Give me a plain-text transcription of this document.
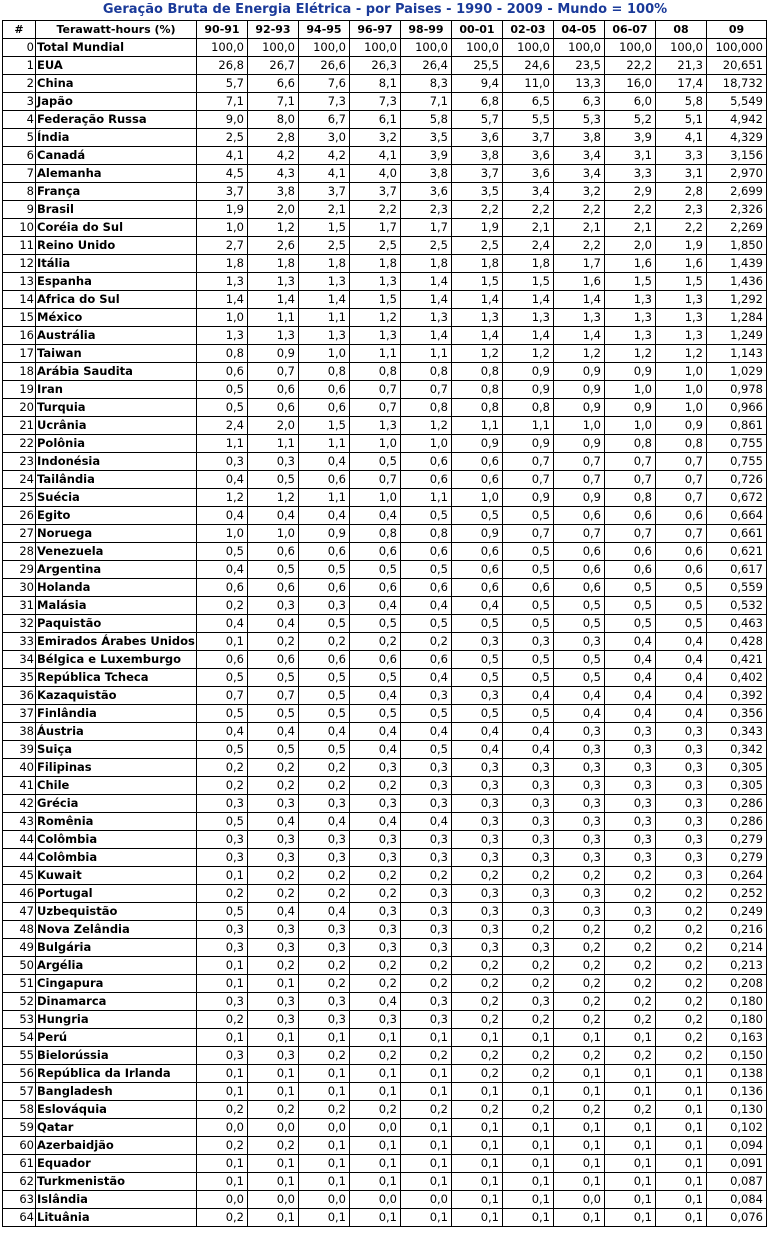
Geração Bruta de Energia Elétrica - por Paises - 1990 - 2009 - Mundo = 100%
#	Terawatt-hours (%)	90-91	92-93	94-95	96-97	98-99	00-01	02-03	04-05	06-07	08	09
0	Total Mundial	100,0	100,0	100,0	100,0	100,0	100,0	100,0	100,0	100,0	100,0	100,000
1	EUA	26,8	26,7	26,6	26,3	26,4	25,5	24,6	23,5	22,2	21,3	20,651
2	China	5,7	6,6	7,6	8,1	8,3	9,4	11,0	13,3	16,0	17,4	18,732
3	Japão	7,1	7,1	7,3	7,3	7,1	6,8	6,5	6,3	6,0	5,8	5,549
4	Federação Russa	9,0	8,0	6,7	6,1	5,8	5,7	5,5	5,3	5,2	5,1	4,942
5	Índia	2,5	2,8	3,0	3,2	3,5	3,6	3,7	3,8	3,9	4,1	4,329
6	Canadá	4,1	4,2	4,2	4,1	3,9	3,8	3,6	3,4	3,1	3,3	3,156
7	Alemanha	4,5	4,3	4,1	4,0	3,8	3,7	3,6	3,4	3,3	3,1	2,970
8	França	3,7	3,8	3,7	3,7	3,6	3,5	3,4	3,2	2,9	2,8	2,699
9	Brasil	1,9	2,0	2,1	2,2	2,3	2,2	2,2	2,2	2,2	2,3	2,326
10	Coréia do Sul	1,0	1,2	1,5	1,7	1,7	1,9	2,1	2,1	2,1	2,2	2,269
11	Reino Unido	2,7	2,6	2,5	2,5	2,5	2,5	2,4	2,2	2,0	1,9	1,850
12	Itália	1,8	1,8	1,8	1,8	1,8	1,8	1,8	1,7	1,6	1,6	1,439
13	Espanha	1,3	1,3	1,3	1,3	1,4	1,5	1,5	1,6	1,5	1,5	1,436
14	Africa do Sul	1,4	1,4	1,4	1,5	1,4	1,4	1,4	1,4	1,3	1,3	1,292
15	México	1,0	1,1	1,1	1,2	1,3	1,3	1,3	1,3	1,3	1,3	1,284
16	Austrália	1,3	1,3	1,3	1,3	1,4	1,4	1,4	1,4	1,3	1,3	1,249
17	Taiwan	0,8	0,9	1,0	1,1	1,1	1,2	1,2	1,2	1,2	1,2	1,143
18	Arábia Saudita	0,6	0,7	0,8	0,8	0,8	0,8	0,9	0,9	0,9	1,0	1,029
19	Iran	0,5	0,6	0,6	0,7	0,7	0,8	0,9	0,9	1,0	1,0	0,978
20	Turquia	0,5	0,6	0,6	0,7	0,8	0,8	0,8	0,9	0,9	1,0	0,966
21	Ucrânia	2,4	2,0	1,5	1,3	1,2	1,1	1,1	1,0	1,0	0,9	0,861
22	Polônia	1,1	1,1	1,1	1,0	1,0	0,9	0,9	0,9	0,8	0,8	0,755
23	Indonésia	0,3	0,3	0,4	0,5	0,6	0,6	0,7	0,7	0,7	0,7	0,755
24	Tailândia	0,4	0,5	0,6	0,7	0,6	0,6	0,7	0,7	0,7	0,7	0,726
25	Suécia	1,2	1,2	1,1	1,0	1,1	1,0	0,9	0,9	0,8	0,7	0,672
26	Egito	0,4	0,4	0,4	0,4	0,5	0,5	0,5	0,6	0,6	0,6	0,664
27	Noruega	1,0	1,0	0,9	0,8	0,8	0,9	0,7	0,7	0,7	0,7	0,661
28	Venezuela	0,5	0,6	0,6	0,6	0,6	0,6	0,5	0,6	0,6	0,6	0,621
29	Argentina	0,4	0,5	0,5	0,5	0,5	0,6	0,5	0,6	0,6	0,6	0,617
30	Holanda	0,6	0,6	0,6	0,6	0,6	0,6	0,6	0,6	0,5	0,5	0,559
31	Malásia	0,2	0,3	0,3	0,4	0,4	0,4	0,5	0,5	0,5	0,5	0,532
32	Paquistão	0,4	0,4	0,5	0,5	0,5	0,5	0,5	0,5	0,5	0,5	0,463
33	Emirados Árabes Unidos	0,1	0,2	0,2	0,2	0,2	0,3	0,3	0,3	0,4	0,4	0,428
34	Bélgica e Luxemburgo	0,6	0,6	0,6	0,6	0,6	0,5	0,5	0,5	0,4	0,4	0,421
35	República Tcheca	0,5	0,5	0,5	0,5	0,4	0,5	0,5	0,5	0,4	0,4	0,402
36	Kazaquistão	0,7	0,7	0,5	0,4	0,3	0,3	0,4	0,4	0,4	0,4	0,392
37	Finlândia	0,5	0,5	0,5	0,5	0,5	0,5	0,5	0,4	0,4	0,4	0,356
38	Áustria	0,4	0,4	0,4	0,4	0,4	0,4	0,4	0,3	0,3	0,3	0,343
39	Suiça	0,5	0,5	0,5	0,4	0,5	0,4	0,4	0,3	0,3	0,3	0,342
40	Filipinas	0,2	0,2	0,2	0,3	0,3	0,3	0,3	0,3	0,3	0,3	0,305
41	Chile	0,2	0,2	0,2	0,2	0,3	0,3	0,3	0,3	0,3	0,3	0,305
42	Grécia	0,3	0,3	0,3	0,3	0,3	0,3	0,3	0,3	0,3	0,3	0,286
43	Romênia	0,5	0,4	0,4	0,4	0,4	0,3	0,3	0,3	0,3	0,3	0,286
44	Colômbia	0,3	0,3	0,3	0,3	0,3	0,3	0,3	0,3	0,3	0,3	0,279
44	Colômbia	0,3	0,3	0,3	0,3	0,3	0,3	0,3	0,3	0,3	0,3	0,279
45	Kuwait	0,1	0,2	0,2	0,2	0,2	0,2	0,2	0,2	0,2	0,3	0,264
46	Portugal	0,2	0,2	0,2	0,2	0,3	0,3	0,3	0,3	0,2	0,2	0,252
47	Uzbequistão	0,5	0,4	0,4	0,3	0,3	0,3	0,3	0,3	0,3	0,2	0,249
48	Nova Zelândia	0,3	0,3	0,3	0,3	0,3	0,3	0,2	0,2	0,2	0,2	0,216
49	Bulgária	0,3	0,3	0,3	0,3	0,3	0,3	0,3	0,2	0,2	0,2	0,214
50	Argélia	0,1	0,2	0,2	0,2	0,2	0,2	0,2	0,2	0,2	0,2	0,213
51	Cingapura	0,1	0,1	0,2	0,2	0,2	0,2	0,2	0,2	0,2	0,2	0,208
52	Dinamarca	0,3	0,3	0,3	0,4	0,3	0,2	0,3	0,2	0,2	0,2	0,180
53	Hungria	0,2	0,3	0,3	0,3	0,3	0,2	0,2	0,2	0,2	0,2	0,180
54	Perú	0,1	0,1	0,1	0,1	0,1	0,1	0,1	0,1	0,1	0,2	0,163
55	Bielorússia	0,3	0,3	0,2	0,2	0,2	0,2	0,2	0,2	0,2	0,2	0,150
56	República da Irlanda	0,1	0,1	0,1	0,1	0,1	0,2	0,2	0,1	0,1	0,1	0,138
57	Bangladesh	0,1	0,1	0,1	0,1	0,1	0,1	0,1	0,1	0,1	0,1	0,136
58	Eslováquia	0,2	0,2	0,2	0,2	0,2	0,2	0,2	0,2	0,2	0,1	0,130
59	Qatar	0,0	0,0	0,0	0,0	0,1	0,1	0,1	0,1	0,1	0,1	0,102
60	Azerbaidjão	0,2	0,2	0,1	0,1	0,1	0,1	0,1	0,1	0,1	0,1	0,094
61	Equador	0,1	0,1	0,1	0,1	0,1	0,1	0,1	0,1	0,1	0,1	0,091
62	Turkmenistão	0,1	0,1	0,1	0,1	0,1	0,1	0,1	0,1	0,1	0,1	0,087
63	Islândia	0,0	0,0	0,0	0,0	0,0	0,1	0,1	0,0	0,1	0,1	0,084
64	Lituânia	0,2	0,1	0,1	0,1	0,1	0,1	0,1	0,1	0,1	0,1	0,076
